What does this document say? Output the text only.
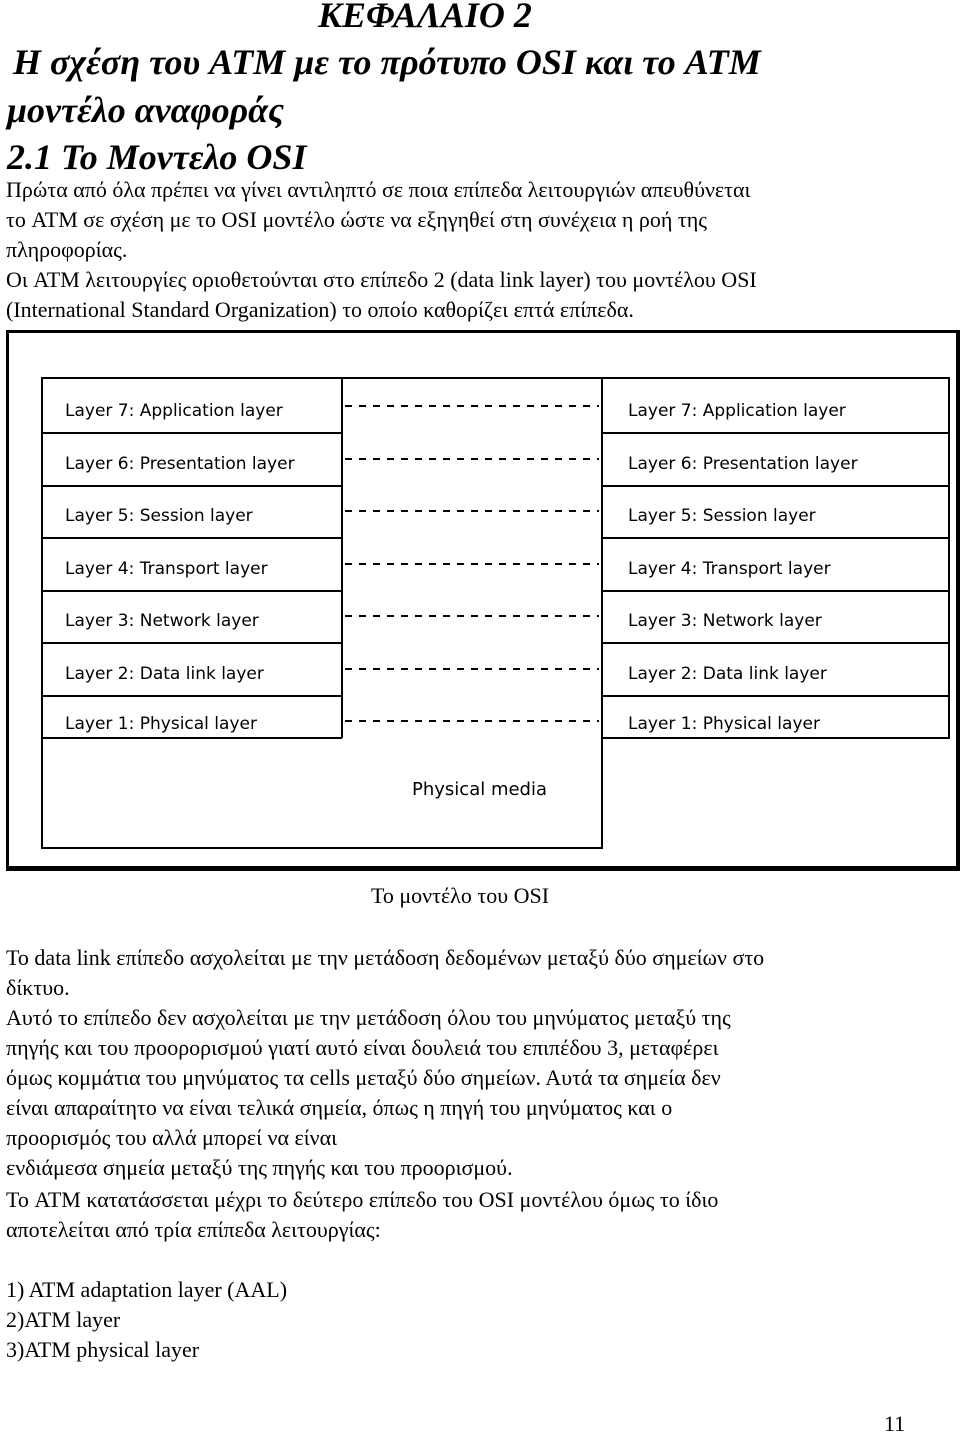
ΚΕΦΑΛΑΙΟ 2
Η σχέση του ATM με το πρότυπο OSI και το ATM
μοντέλο αναφοράς
2.1 Το Μοντελο OSI
Πρώτα από όλα πρέπει να γίνει αντιληπτό σε ποια επίπεδα λειτουργιών απευθύνεται
το ATM σε σχέση με το OSI μοντέλο ώστε να εξηγηθεί στη συνέχεια η ροή της
πληροφορίας.
Οι ATM λειτουργίες οριοθετούνται στο επίπεδο 2 (data link layer) του μοντέλου OSI
(International Standard Organization) το οποίο καθορίζει επτά επίπεδα.
Layer 7: Application layer
Layer 6: Presentation layer
Layer 5: Session layer
Layer 4: Transport layer
Layer 3: Network layer
Layer 2: Data link layer
Layer 1: Physical layer
Layer 7: Application layer
Layer 6: Presentation layer
Layer 5: Session layer
Layer 4: Transport layer
Layer 3: Network layer
Layer 2: Data link layer
Layer 1: Physical layer
Physical media
Το μοντέλο του OSI
Το data link επίπεδο ασχολείται με την μετάδοση δεδομένων μεταξύ δύο σημείων στο
δίκτυο.
Αυτό το επίπεδο δεν ασχολείται με την μετάδοση όλου του μηνύματος μεταξύ της
πηγής και του προορορισμού γιατί αυτό είναι δουλειά του επιπέδου 3, μεταφέρει
όμως κομμάτια του μηνύματος τα cells μεταξύ δύο σημείων. Αυτά τα σημεία δεν
είναι απαραίτητο να είναι τελικά σημεία, όπως η πηγή του μηνύματος και ο
προορισμός του αλλά μπορεί να είναι
ενδιάμεσα σημεία μεταξύ της πηγής και του προορισμού.
Το ATM κατατάσσεται μέχρι το δεύτερο επίπεδο του OSI μοντέλου όμως το ίδιο
αποτελείται από τρία επίπεδα λειτουργίας:
1) ATM adaptation layer (AAL)
2)ATM layer
3)ATM physical layer
11
